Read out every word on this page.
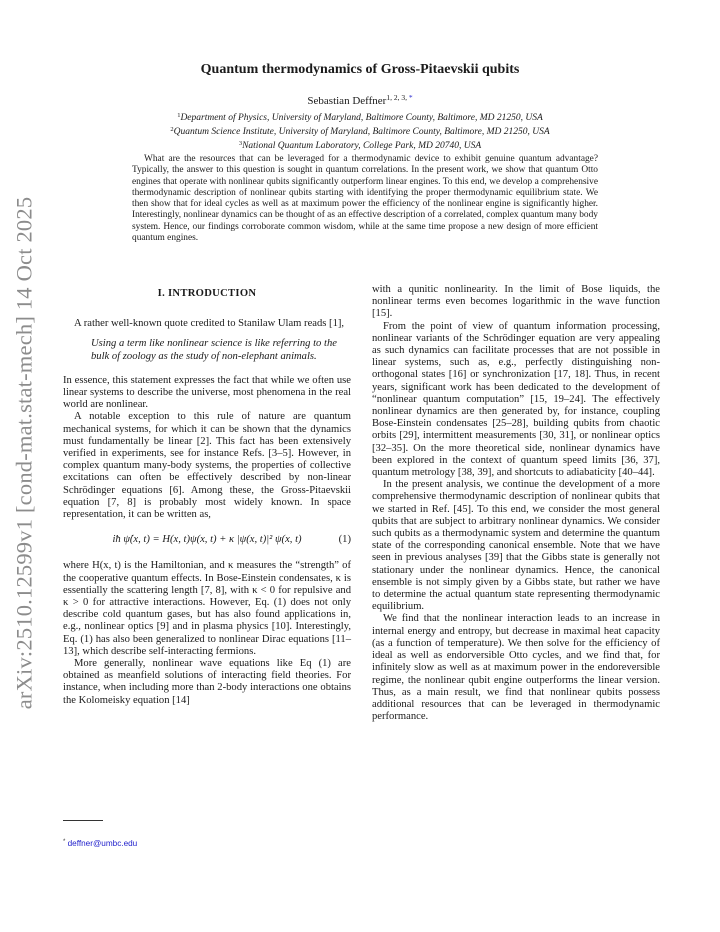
arXiv:2510.12599v1 [cond-mat.stat-mech] 14 Oct 2025
Quantum thermodynamics of Gross-Pitaevskii qubits
Sebastian Deffner$^{1, 2, 3, *}$
$^1$Department of Physics, University of Maryland, Baltimore County, Baltimore, MD 21250, USA
$^2$Quantum Science Institute, University of Maryland, Baltimore County, Baltimore, MD 21250, USA
$^3$National Quantum Laboratory, College Park, MD 20740, USA

What are the resources that can be leveraged for a thermodynamic device to exhibit genuine quantum advantage? Typically, the answer to this question is sought in quantum correlations. In the present work, we show that quantum Otto engines that operate with nonlinear qubits significantly outperform linear engines. To this end, we develop a comprehensive thermodynamic description of nonlinear qubits starting with identifying the proper thermodynamic equilibrium state. We then show that for ideal cycles as well as at maximum power the efficiency of the nonlinear engine is significantly higher. Interestingly, nonlinear dynamics can be thought of as an effective description of a correlated, complex quantum many body system. Hence, our findings corroborate common wisdom, while at the same time propose a new design of more efficient quantum engines.

I. INTRODUCTION

A rather well-known quote credited to Stanilaw Ulam reads [1],

Using a term like nonlinear science is like referring to the bulk of zoology as the study of non-elephant animals.

In essence, this statement expresses the fact that while we often use linear systems to describe the universe, most phenomena in the real world are nonlinear.

A notable exception to this rule of nature are quantum mechanical systems, for which it can be shown that the dynamics must fundamentally be linear [2]. This fact has been extensively verified in experiments, see for instance Refs. [3–5]. However, in complex quantum many-body systems, the properties of collective excitations can often be effectively described by non-linear Schrödinger equations [6]. Among these, the Gross-Pitaevskii equation [7, 8] is probably most widely known. In space representation, it can be written as,

iħ ψ̇(x, t) = H(x, t)ψ(x, t) + κ |ψ(x, t)|² ψ(x, t)	(1)

where H(x, t) is the Hamiltonian, and κ measures the “strength” of the cooperative quantum effects. In Bose-Einstein condensates, κ is essentially the scattering length [7, 8], with κ < 0 for repulsive and κ > 0 for attractive interactions. However, Eq. (1) does not only describe cold quantum gases, but has also found applications in, e.g., nonlinear optics [9] and in plasma physics [10]. Interestingly, Eq. (1) has also been generalized to nonlinear Dirac equations [11–13], which describe self-interacting fermions.

More generally, nonlinear wave equations like Eq (1) are obtained as meanfield solutions of interacting field theories. For instance, when including more than 2-body interactions one obtains the Kolomeisky equation [14]

with a qunitic nonlinearity. In the limit of Bose liquids, the nonlinear terms even becomes logarithmic in the wave function [15].

From the point of view of quantum information processing, nonlinear variants of the Schrödinger equation are very appealing as such dynamics can facilitate processes that are not possible in linear systems, such as, e.g., perfectly distinguishing non-orthogonal states [16] or synchronization [17, 18]. Thus, in recent years, significant work has been dedicated to the development of “nonlinear quantum computation” [15, 19–24]. The effectively nonlinear dynamics are then generated by, for instance, coupling Bose-Einstein condensates [25–28], building qubits from chaotic orbits [29], intermittent measurements [30, 31], or nonlinear optics [32–35]. On the more theoretical side, nonlinear dynamics have been explored in the context of quantum speed limits [36, 37], quantum metrology [38, 39], and shortcuts to adiabaticity [40–44].

In the present analysis, we continue the development of a more comprehensive thermodynamic description of nonlinear qubits that we started in Ref. [45]. To this end, we consider the most general qubits that are subject to arbitrary nonlinear dynamics. We consider such qubits as a thermodynamic system and determine the quantum state of the corresponding canonical ensemble. Note that we have seen in previous analyses [39] that the Gibbs state is generally not stationary under the nonlinear dynamics. Hence, the canonical ensemble is not simply given by a Gibbs state, but rather we have to determine the actual quantum state representing thermodynamic equilibrium.

We find that the nonlinear interaction leads to an increase in internal energy and entropy, but decrease in maximal heat capacity (as a function of temperature). We then solve for the efficiency of ideal as well as endorversible Otto cycles, and we find that, for infinitely slow as well as at maximum power in the endoreversible regime, the nonlinear qubit engine outperforms the linear version. Thus, as a main result, we find that nonlinear qubits possess additional resources that can be leveraged in thermodynamic performance.

* deffner@umbc.edu
